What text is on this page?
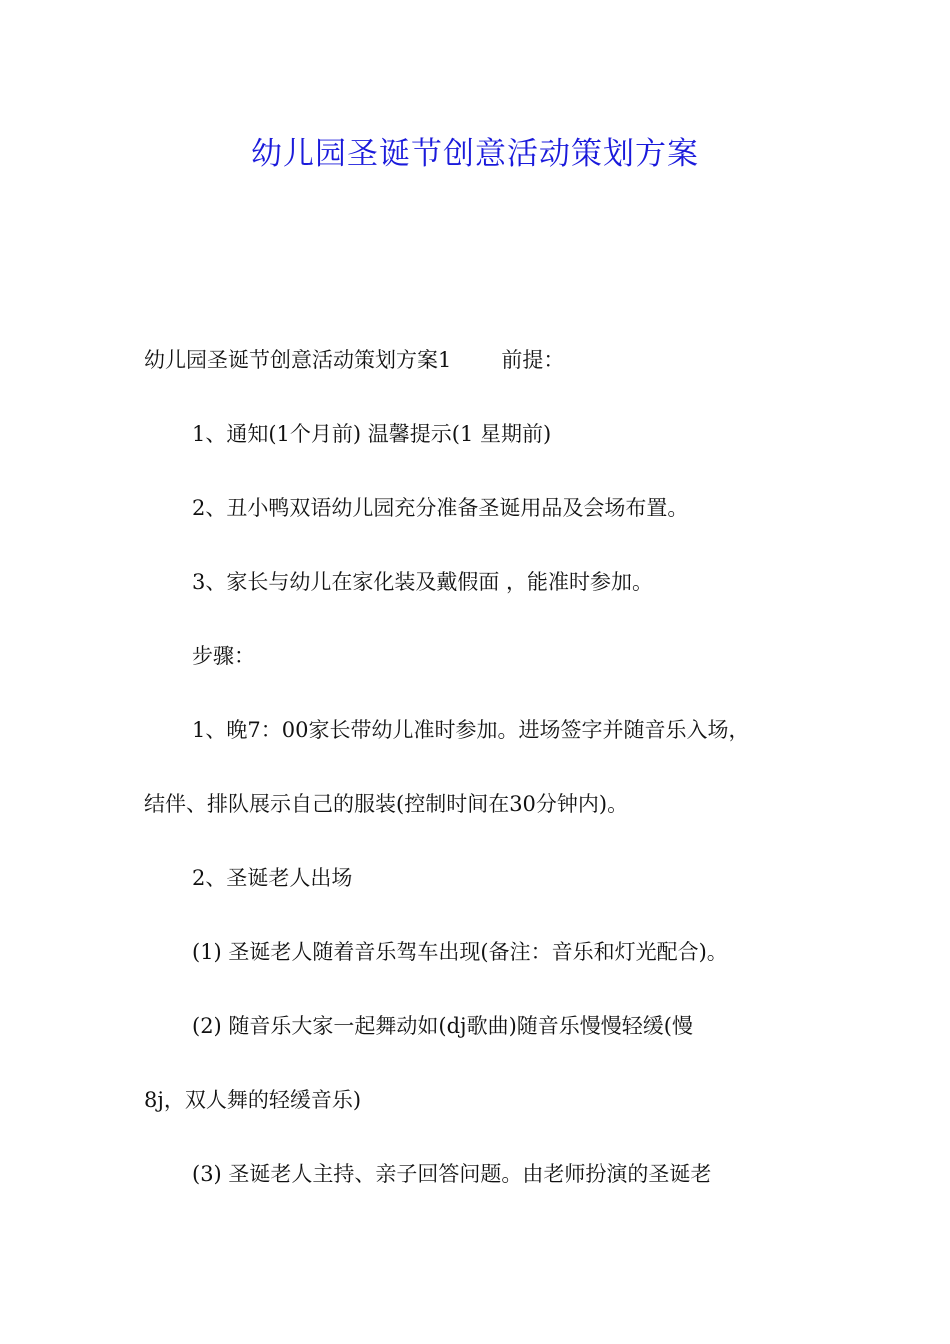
幼儿园圣诞节创意活动策划方案

幼儿园圣诞节创意活动策划方案1 前提：

1、通知(1个月前) 温馨提示(1 星期前)

2、丑小鸭双语幼儿园充分准备圣诞用品及会场布置。

3、家长与幼儿在家化装及戴假面 ，能准时参加。

步骤：

1、晚7：00家长带幼儿准时参加。进场签字并随音乐入场，

结伴、排队展示自己的服装(控制时间在30分钟内)。

2、圣诞老人出场

(1) 圣诞老人随着音乐驾车出现(备注：音乐和灯光配合)。

(2) 随音乐大家一起舞动如(dj歌曲)随音乐慢慢轻缓(慢

8j，双人舞的轻缓音乐)

(3) 圣诞老人主持、亲子回答问题。由老师扮演的圣诞老
